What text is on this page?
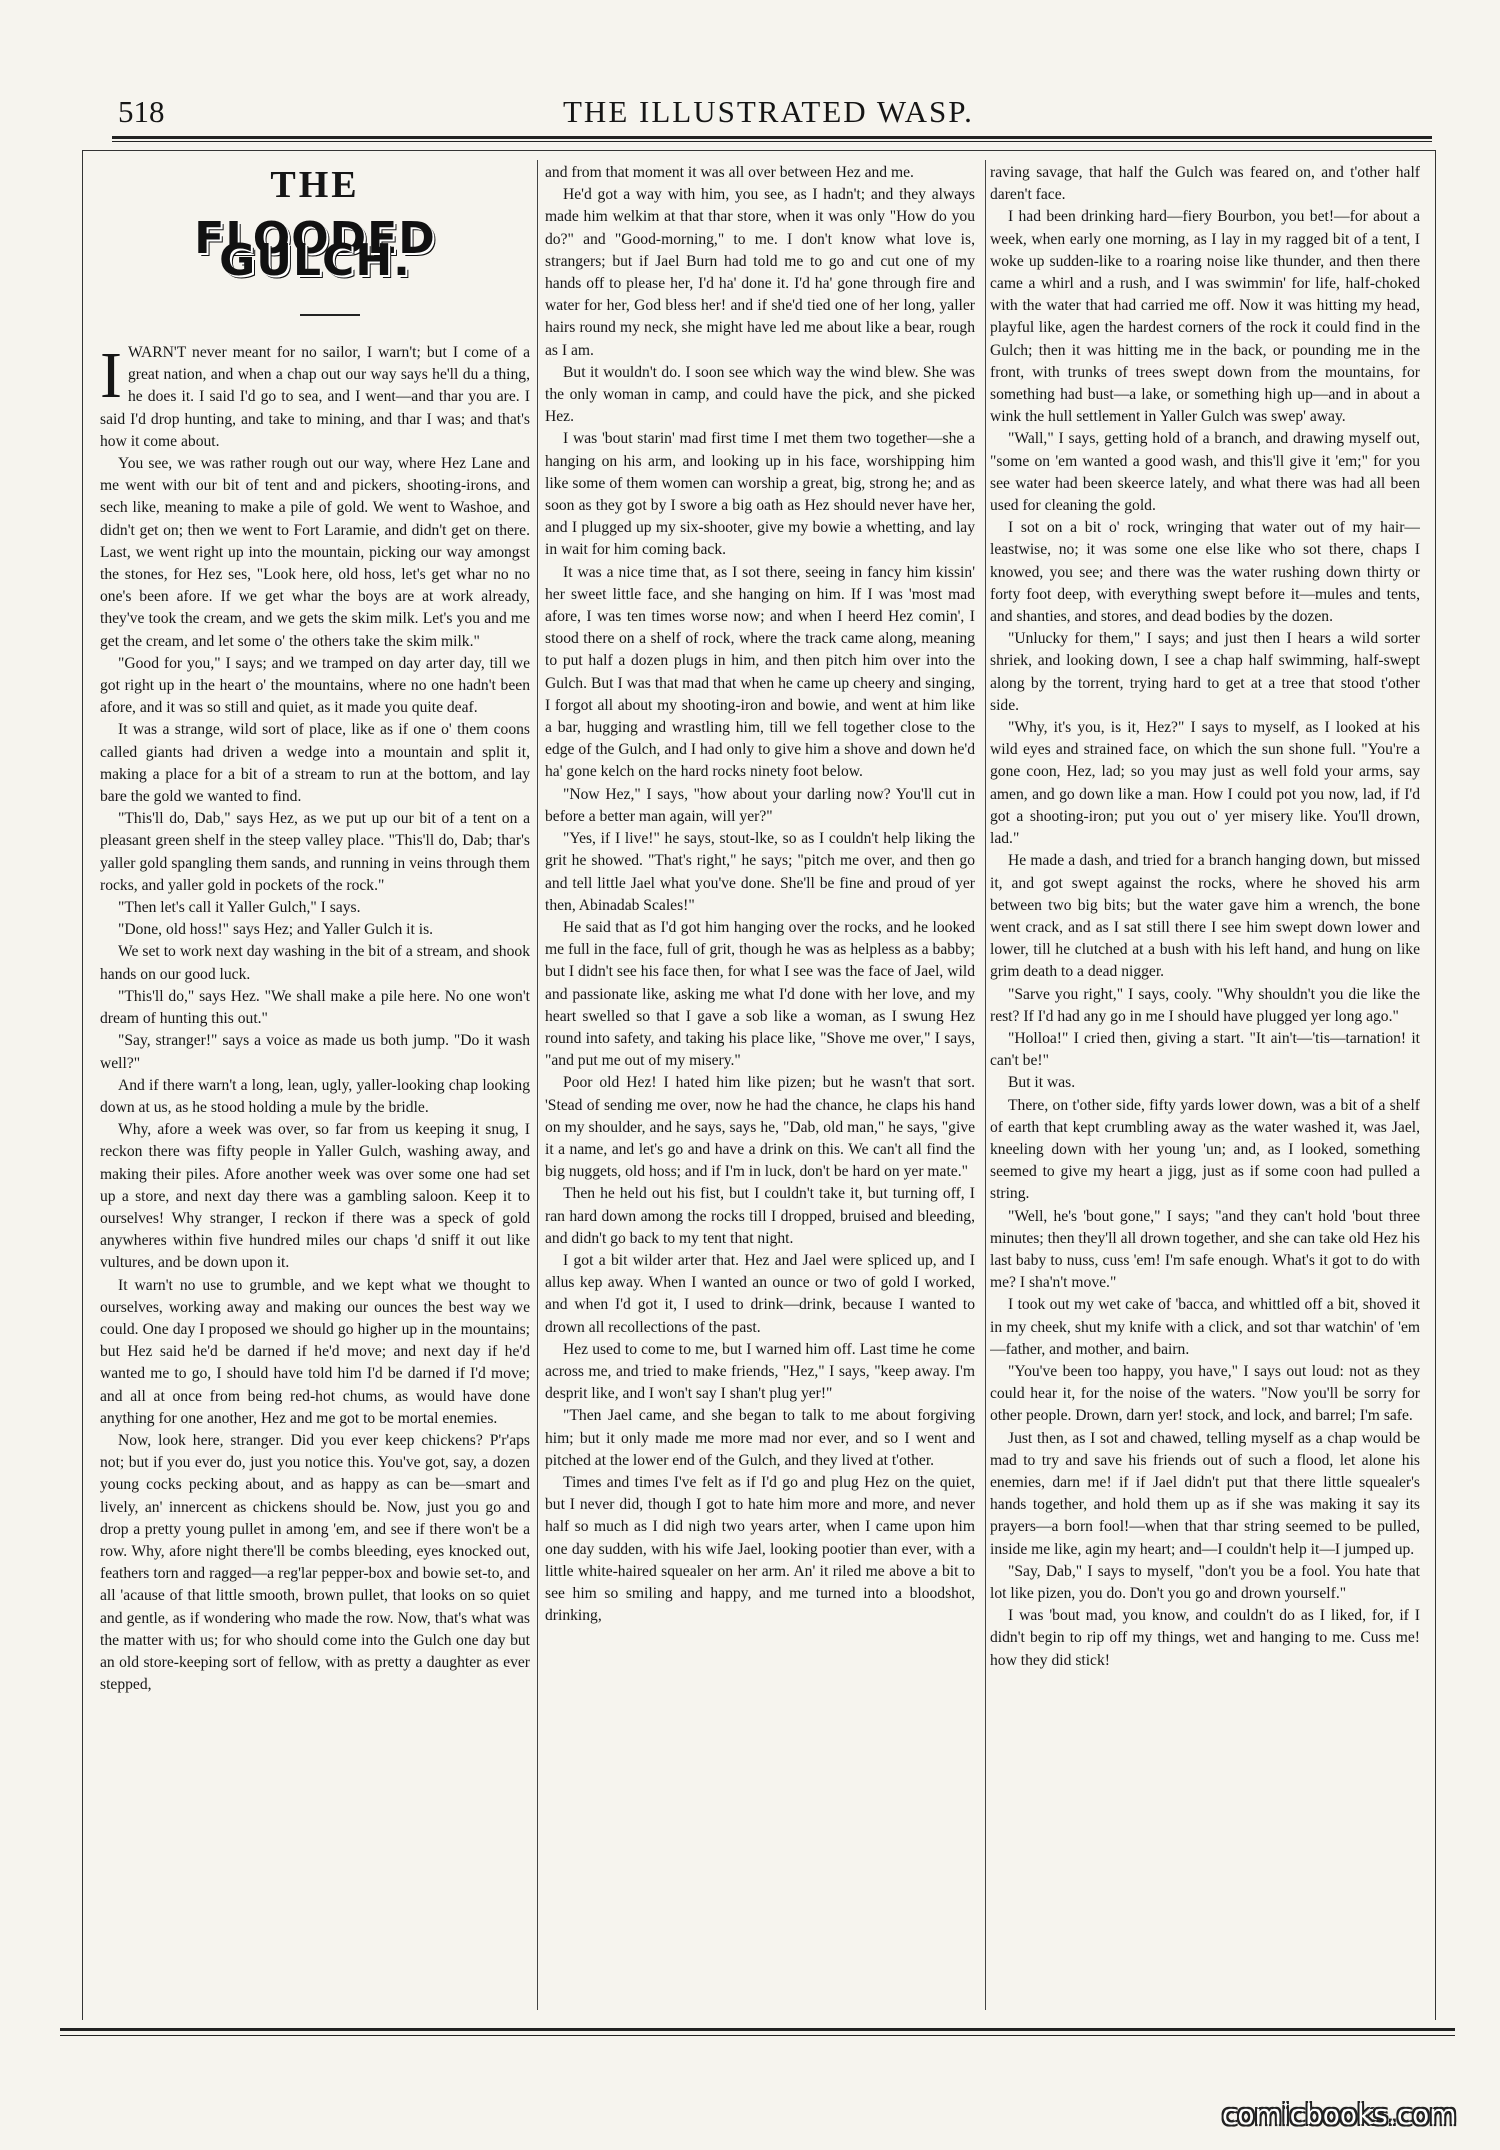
518	THE ILLUSTRATED WASP.
THE
FLOODED GULCH.

IWARN'T never meant for no sailor, I warn't; but I come of a great nation, and when a chap out our way says he'll du a thing, he does it. I said I'd go to sea, and I went—and thar you are. I said I'd drop hunting, and take to mining, and thar I was; and that's how it come about.

You see, we was rather rough out our way, where Hez Lane and me went with our bit of tent and and pickers, shooting-irons, and sech like, meaning to make a pile of gold. We went to Washoe, and didn't get on; then we went to Fort Laramie, and didn't get on there. Last, we went right up into the mountain, picking our way amongst the stones, for Hez ses, "Look here, old hoss, let's get whar no no one's been afore. If we get whar the boys are at work already, they've took the cream, and we gets the skim milk. Let's you and me get the cream, and let some o' the others take the skim milk."

"Good for you," I says; and we tramped on day arter day, till we got right up in the heart o' the mountains, where no one hadn't been afore, and it was so still and quiet, as it made you quite deaf.

It was a strange, wild sort of place, like as if one o' them coons called giants had driven a wedge into a mountain and split it, making a place for a bit of a stream to run at the bottom, and lay bare the gold we wanted to find.

"This'll do, Dab," says Hez, as we put up our bit of a tent on a pleasant green shelf in the steep valley place. "This'll do, Dab; thar's yaller gold spangling them sands, and running in veins through them rocks, and yaller gold in pockets of the rock."

"Then let's call it Yaller Gulch," I says.

"Done, old hoss!" says Hez; and Yaller Gulch it is.

We set to work next day washing in the bit of a stream, and shook hands on our good luck.

"This'll do," says Hez. "We shall make a pile here. No one won't dream of hunting this out."

"Say, stranger!" says a voice as made us both jump. "Do it wash well?"

And if there warn't a long, lean, ugly, yaller-looking chap looking down at us, as he stood holding a mule by the bridle.

Why, afore a week was over, so far from us keeping it snug, I reckon there was fifty people in Yaller Gulch, washing away, and making their piles. Afore another week was over some one had set up a store, and next day there was a gambling saloon. Keep it to ourselves! Why stranger, I reckon if there was a speck of gold anywheres within five hundred miles our chaps 'd sniff it out like vultures, and be down upon it.

It warn't no use to grumble, and we kept what we thought to ourselves, working away and making our ounces the best way we could. One day I proposed we should go higher up in the mountains; but Hez said he'd be darned if he'd move; and next day if he'd wanted me to go, I should have told him I'd be darned if I'd move; and all at once from being red-hot chums, as would have done anything for one another, Hez and me got to be mortal enemies.

Now, look here, stranger. Did you ever keep chickens? P'r'aps not; but if you ever do, just you notice this. You've got, say, a dozen young cocks pecking about, and as happy as can be—smart and lively, an' innercent as chickens should be. Now, just you go and drop a pretty young pullet in among 'em, and see if there won't be a row. Why, afore night there'll be combs bleeding, eyes knocked out, feathers torn and ragged—a reg'lar pepper-box and bowie set-to, and all 'acause of that little smooth, brown pullet, that looks on so quiet and gentle, as if wondering who made the row. Now, that's what was the matter with us; for who should come into the Gulch one day but an old store-keeping sort of fellow, with as pretty a daughter as ever stepped,

and from that moment it was all over between Hez and me.

He'd got a way with him, you see, as I hadn't; and they always made him welkim at that thar store, when it was only "How do you do?" and "Good-morning," to me. I don't know what love is, strangers; but if Jael Burn had told me to go and cut one of my hands off to please her, I'd ha' done it. I'd ha' gone through fire and water for her, God bless her! and if she'd tied one of her long, yaller hairs round my neck, she might have led me about like a bear, rough as I am.

But it wouldn't do. I soon see which way the wind blew. She was the only woman in camp, and could have the pick, and she picked Hez.

I was 'bout starin' mad first time I met them two together—she a hanging on his arm, and looking up in his face, worshipping him like some of them women can worship a great, big, strong he; and as soon as they got by I swore a big oath as Hez should never have her, and I plugged up my six-shooter, give my bowie a whetting, and lay in wait for him coming back.

It was a nice time that, as I sot there, seeing in fancy him kissin' her sweet little face, and she hanging on him. If I was 'most mad afore, I was ten times worse now; and when I heerd Hez comin', I stood there on a shelf of rock, where the track came along, meaning to put half a dozen plugs in him, and then pitch him over into the Gulch. But I was that mad that when he came up cheery and singing, I forgot all about my shooting-iron and bowie, and went at him like a bar, hugging and wrastling him, till we fell together close to the edge of the Gulch, and I had only to give him a shove and down he'd ha' gone kelch on the hard rocks ninety foot below.

"Now Hez," I says, "how about your darling now? You'll cut in before a better man again, will yer?"

"Yes, if I live!" he says, stout-lke, so as I couldn't help liking the grit he showed. "That's right," he says; "pitch me over, and then go and tell little Jael what you've done. She'll be fine and proud of yer then, Abinadab Scales!"

He said that as I'd got him hanging over the rocks, and he looked me full in the face, full of grit, though he was as helpless as a babby; but I didn't see his face then, for what I see was the face of Jael, wild and passionate like, asking me what I'd done with her love, and my heart swelled so that I gave a sob like a woman, as I swung Hez round into safety, and taking his place like, "Shove me over," I says, "and put me out of my misery."

Poor old Hez! I hated him like pizen; but he wasn't that sort. 'Stead of sending me over, now he had the chance, he claps his hand on my shoulder, and he says, says he, "Dab, old man," he says, "give it a name, and let's go and have a drink on this. We can't all find the big nuggets, old hoss; and if I'm in luck, don't be hard on yer mate."

Then he held out his fist, but I couldn't take it, but turning off, I ran hard down among the rocks till I dropped, bruised and bleeding, and didn't go back to my tent that night.

I got a bit wilder arter that. Hez and Jael were spliced up, and I allus kep away. When I wanted an ounce or two of gold I worked, and when I'd got it, I used to drink—drink, because I wanted to drown all recollections of the past.

Hez used to come to me, but I warned him off. Last time he come across me, and tried to make friends, "Hez," I says, "keep away. I'm desprit like, and I won't say I shan't plug yer!"

"Then Jael came, and she began to talk to me about forgiving him; but it only made me more mad nor ever, and so I went and pitched at the lower end of the Gulch, and they lived at t'other.

Times and times I've felt as if I'd go and plug Hez on the quiet, but I never did, though I got to hate him more and more, and never half so much as I did nigh two years arter, when I came upon him one day sudden, with his wife Jael, looking pootier than ever, with a little white-haired squealer on her arm. An' it riled me above a bit to see him so smiling and happy, and me turned into a bloodshot, drinking,

raving savage, that half the Gulch was feared on, and t'other half daren't face.

I had been drinking hard—fiery Bourbon, you bet!—for about a week, when early one morning, as I lay in my ragged bit of a tent, I woke up sudden-like to a roaring noise like thunder, and then there came a whirl and a rush, and I was swimmin' for life, half-choked with the water that had carried me off. Now it was hitting my head, playful like, agen the hardest corners of the rock it could find in the Gulch; then it was hitting me in the back, or pounding me in the front, with trunks of trees swept down from the mountains, for something had bust—a lake, or something high up—and in about a wink the hull settlement in Yaller Gulch was swep' away.

"Wall," I says, getting hold of a branch, and drawing myself out, "some on 'em wanted a good wash, and this'll give it 'em;" for you see water had been skeerce lately, and what there was had all been used for cleaning the gold.

I sot on a bit o' rock, wringing that water out of my hair—leastwise, no; it was some one else like who sot there, chaps I knowed, you see; and there was the water rushing down thirty or forty foot deep, with everything swept before it—mules and tents, and shanties, and stores, and dead bodies by the dozen.

"Unlucky for them," I says; and just then I hears a wild sorter shriek, and looking down, I see a chap half swimming, half-swept along by the torrent, trying hard to get at a tree that stood t'other side.

"Why, it's you, is it, Hez?" I says to myself, as I looked at his wild eyes and strained face, on which the sun shone full. "You're a gone coon, Hez, lad; so you may just as well fold your arms, say amen, and go down like a man. How I could pot you now, lad, if I'd got a shooting-iron; put you out o' yer misery like. You'll drown, lad."

He made a dash, and tried for a branch hanging down, but missed it, and got swept against the rocks, where he shoved his arm between two big bits; but the water gave him a wrench, the bone went crack, and as I sat still there I see him swept down lower and lower, till he clutched at a bush with his left hand, and hung on like grim death to a dead nigger.

"Sarve you right," I says, cooly. "Why shouldn't you die like the rest? If I'd had any go in me I should have plugged yer long ago."

"Holloa!" I cried then, giving a start. "It ain't—'tis—tarnation! it can't be!"

But it was.

There, on t'other side, fifty yards lower down, was a bit of a shelf of earth that kept crumbling away as the water washed it, was Jael, kneeling down with her young 'un; and, as I looked, something seemed to give my heart a jigg, just as if some coon had pulled a string.

"Well, he's 'bout gone," I says; "and they can't hold 'bout three minutes; then they'll all drown together, and she can take old Hez his last baby to nuss, cuss 'em! I'm safe enough. What's it got to do with me? I sha'n't move."

I took out my wet cake of 'bacca, and whittled off a bit, shoved it in my cheek, shut my knife with a click, and sot thar watchin' of 'em—father, and mother, and bairn.

"You've been too happy, you have," I says out loud: not as they could hear it, for the noise of the waters. "Now you'll be sorry for other people. Drown, darn yer! stock, and lock, and barrel; I'm safe.

Just then, as I sot and chawed, telling myself as a chap would be mad to try and save his friends out of such a flood, let alone his enemies, darn me! if if Jael didn't put that there little squealer's hands together, and hold them up as if she was making it say its prayers—a born fool!—when that thar string seemed to be pulled, inside me like, agin my heart; and—I couldn't help it—I jumped up.

"Say, Dab," I says to myself, "don't you be a fool. You hate that lot like pizen, you do. Don't you go and drown yourself."

I was 'bout mad, you know, and couldn't do as I liked, for, if I didn't begin to rip off my things, wet and hanging to me. Cuss me! how they did stick!

comicbooks.com
